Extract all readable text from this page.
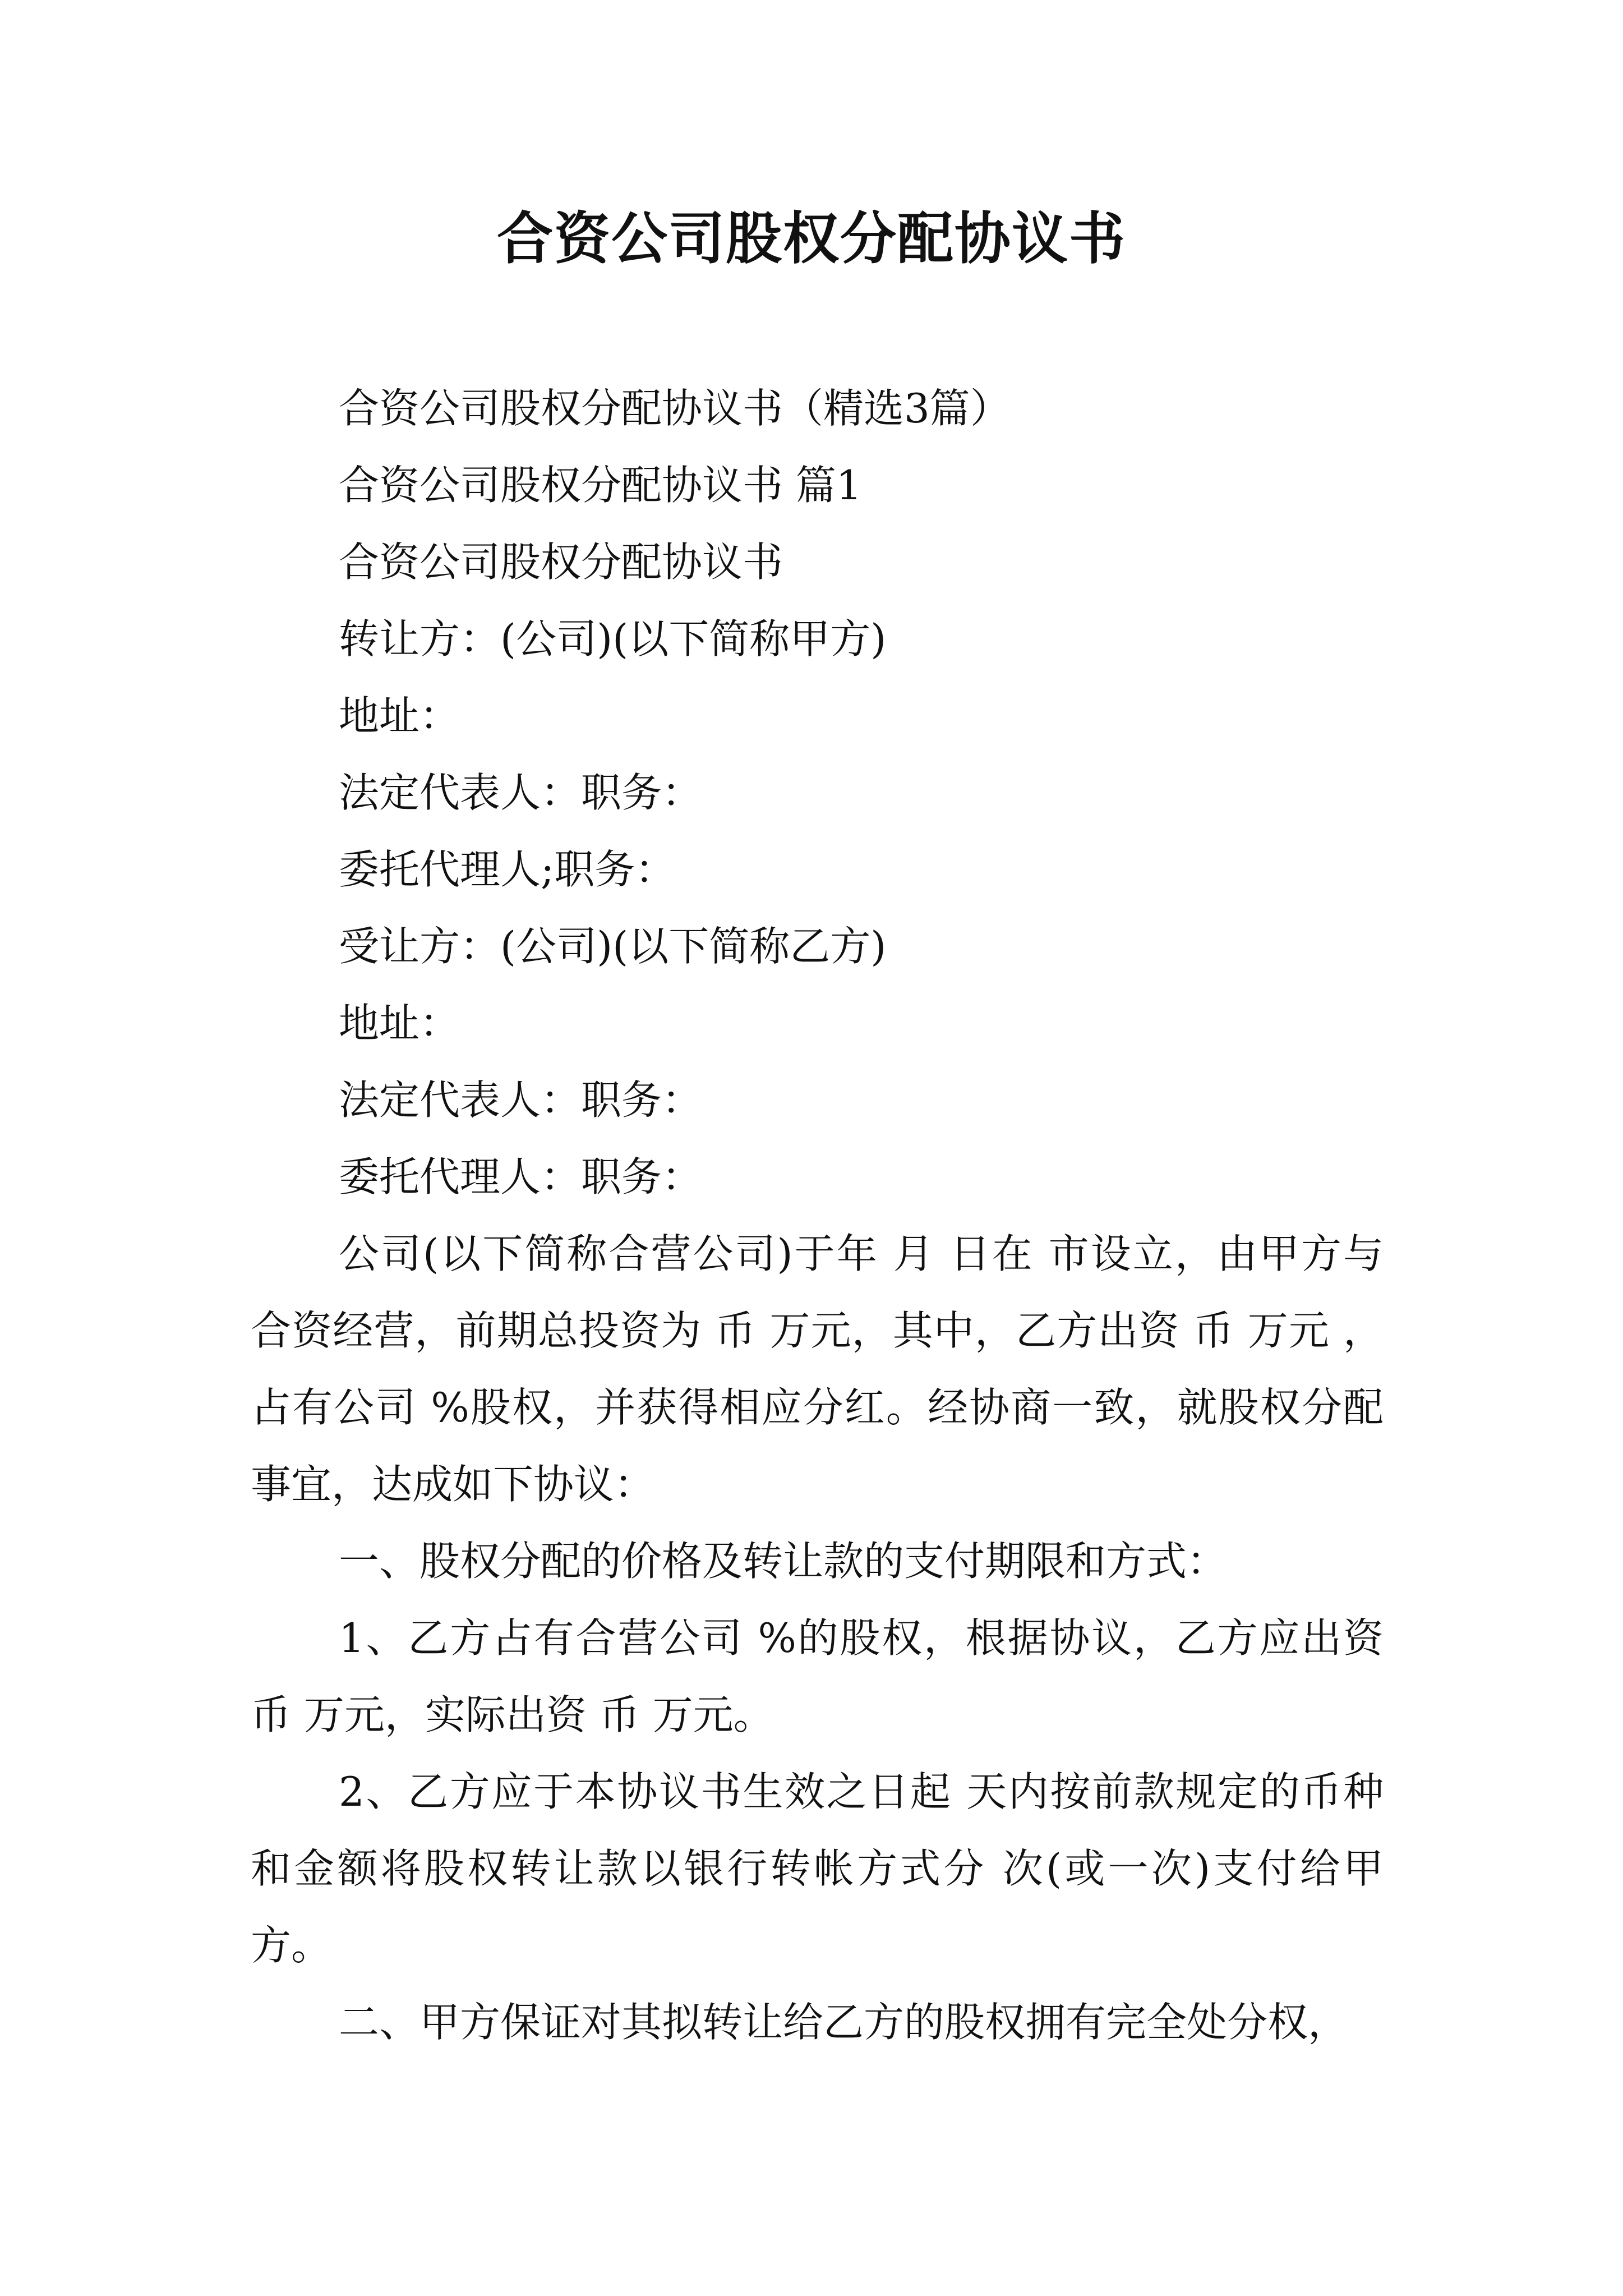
合资公司股权分配协议书

合资公司股权分配协议书（精选3篇）

合资公司股权分配协议书 篇1

合资公司股权分配协议书

转让方：(公司)(以下简称甲方)

地址：

法定代表人：职务：

委托代理人;职务：

受让方：(公司)(以下简称乙方)

地址：

法定代表人：职务：

委托代理人：职务：

公司(以下简称合营公司)于年 月 日在 市设立，由甲方与 合资经营，前期总投资为 币 万元，其中，乙方出资 币 万元 ，占有公司 %股权，并获得相应分红。经协商一致，就股权分配事宜，达成如下协议：

一、股权分配的价格及转让款的支付期限和方式：

1、乙方占有合营公司 %的股权，根据协议，乙方应出资 币 万元，实际出资 币 万元。

2、乙方应于本协议书生效之日起 天内按前款规定的币种和金额将股权转让款以银行转帐方式分 次(或一次)支付给甲方。

二、甲方保证对其拟转让给乙方的股权拥有完全处分权，
